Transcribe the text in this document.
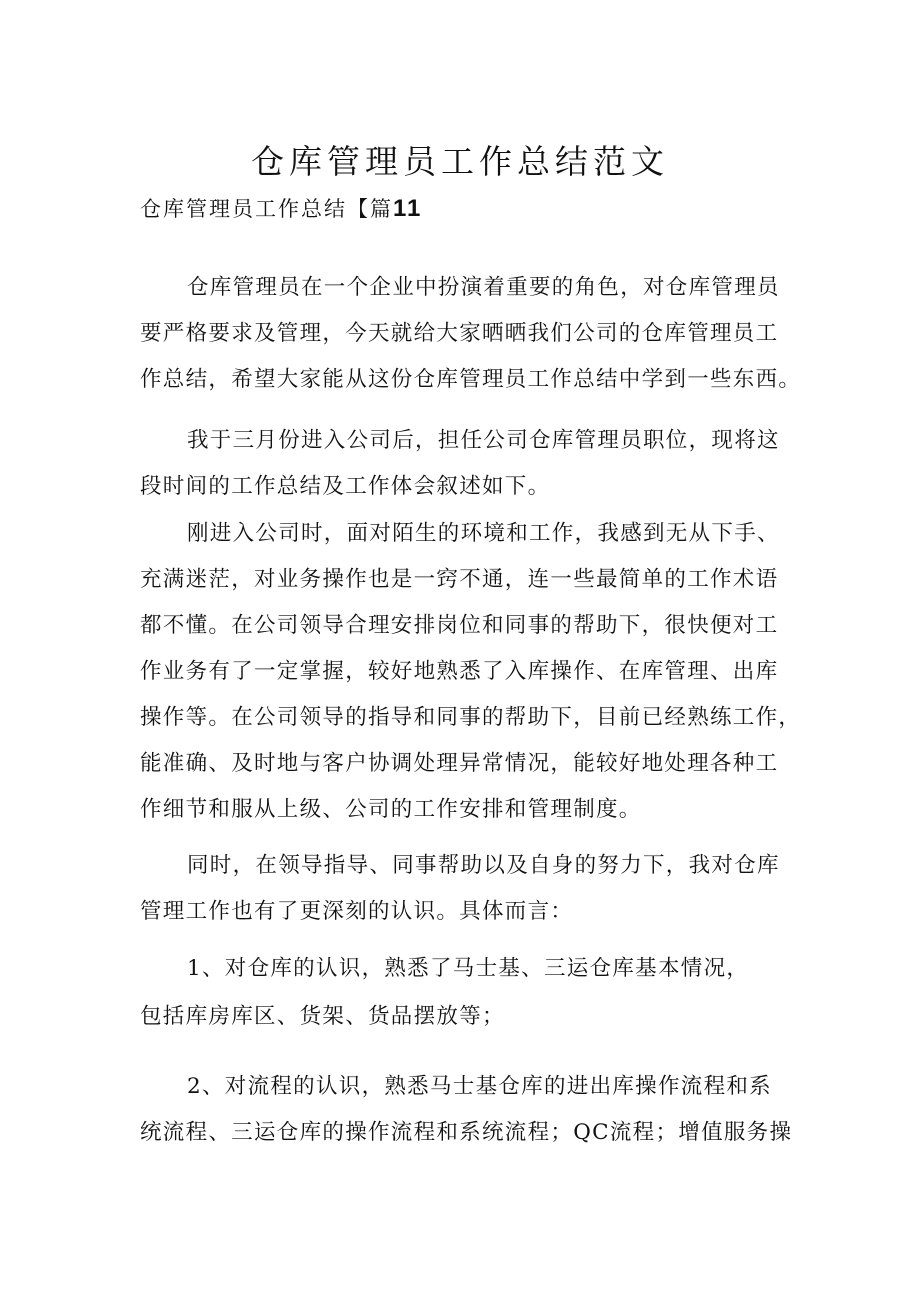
仓库管理员工作总结范文
仓库管理员工作总结【篇11
仓库管理员在一个企业中扮演着重要的角色，对仓库管理员
要严格要求及管理，今天就给大家晒晒我们公司的仓库管理员工
作总结，希望大家能从这份仓库管理员工作总结中学到一些东西。
我于三月份进入公司后，担任公司仓库管理员职位，现将这
段时间的工作总结及工作体会叙述如下。
刚进入公司时，面对陌生的环境和工作，我感到无从下手、
充满迷茫，对业务操作也是一窍不通，连一些最简单的工作术语
都不懂。在公司领导合理安排岗位和同事的帮助下，很快便对工
作业务有了一定掌握，较好地熟悉了入库操作、在库管理、出库
操作等。在公司领导的指导和同事的帮助下，目前已经熟练工作，
能准确、及时地与客户协调处理异常情况，能较好地处理各种工
作细节和服从上级、公司的工作安排和管理制度。
同时，在领导指导、同事帮助以及自身的努力下，我对仓库
管理工作也有了更深刻的认识。具体而言：
1、对仓库的认识，熟悉了马士基、三运仓库基本情况，
包括库房库区、货架、货品摆放等；
2、对流程的认识，熟悉马士基仓库的进出库操作流程和系
统流程、三运仓库的操作流程和系统流程；QC流程；增值服务操
